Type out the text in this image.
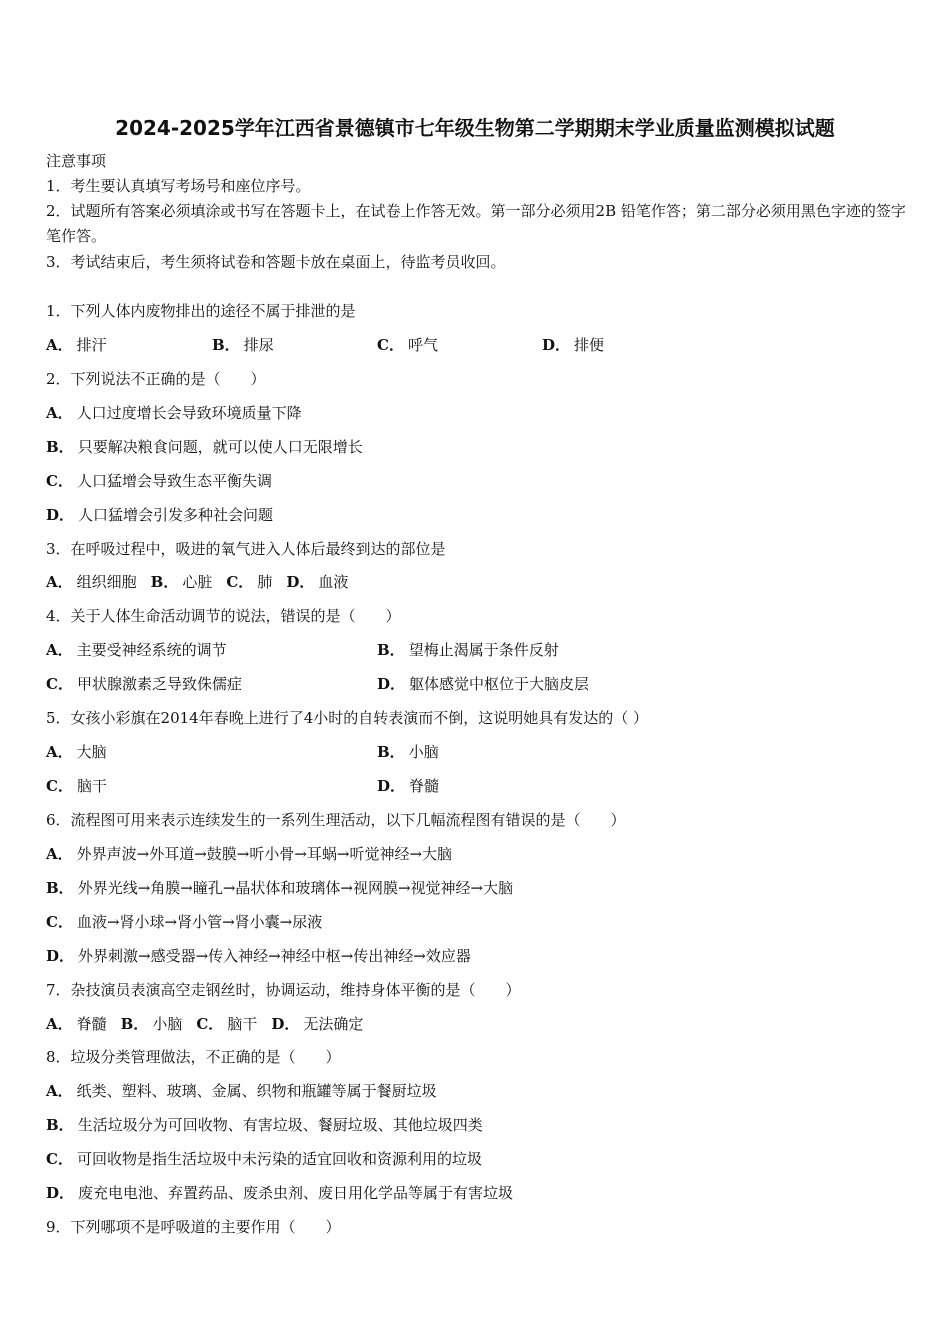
2024-2025学年江西省景德镇市七年级生物第二学期期末学业质量监测模拟试题
注意事项
1．考生要认真填写考场号和座位序号。
2．试题所有答案必须填涂或书写在答题卡上，在试卷上作答无效。第一部分必须用2B 铅笔作答；第二部分必须用黑色字迹的签字笔作答。
3．考试结束后，考生须将试卷和答题卡放在桌面上，待监考员收回。
1．下列人体内废物排出的途径不属于排泄的是
A． 排汗	B． 排尿	C． 呼气	D． 排便
2．下列说法不正确的是（　　）
A． 人口过度增长会导致环境质量下降
B． 只要解决粮食问题，就可以使人口无限增长
C． 人口猛增会导致生态平衡失调
D． 人口猛增会引发多种社会问题
3．在呼吸过程中，吸进的氧气进入人体后最终到达的部位是
A． 组织细胞 B． 心脏 C． 肺 D． 血液
4．关于人体生命活动调节的说法，错误的是（　　）
A． 主要受神经系统的调节	B． 望梅止渴属于条件反射
C． 甲状腺激素乏导致侏儒症	D． 躯体感觉中枢位于大脑皮层
5．女孩小彩旗在2014年春晚上进行了4小时的自转表演而不倒，这说明她具有发达的（ ）
A． 大脑	B． 小脑
C． 脑干	D． 脊髓
6．流程图可用来表示连续发生的一系列生理活动，以下几幅流程图有错误的是（　　）
A． 外界声波→外耳道→鼓膜→听小骨→耳蜗→听觉神经→大脑
B． 外界光线→角膜→瞳孔→晶状体和玻璃体→视网膜→视觉神经→大脑
C． 血液→肾小球→肾小管→肾小囊→尿液
D． 外界刺激→感受器→传入神经→神经中枢→传出神经→效应器
7．杂技演员表演高空走钢丝时，协调运动，维持身体平衡的是（　　）
A． 脊髓 B． 小脑 C． 脑干 D． 无法确定
8．垃圾分类管理做法，不正确的是（　　）
A． 纸类、塑料、玻璃、金属、织物和瓶罐等属于餐厨垃圾
B． 生活垃圾分为可回收物、有害垃圾、餐厨垃圾、其他垃圾四类
C． 可回收物是指生活垃圾中未污染的适宜回收和资源利用的垃圾
D． 废充电电池、弃置药品、废杀虫剂、废日用化学品等属于有害垃圾
9．下列哪项不是呼吸道的主要作用（　　）
